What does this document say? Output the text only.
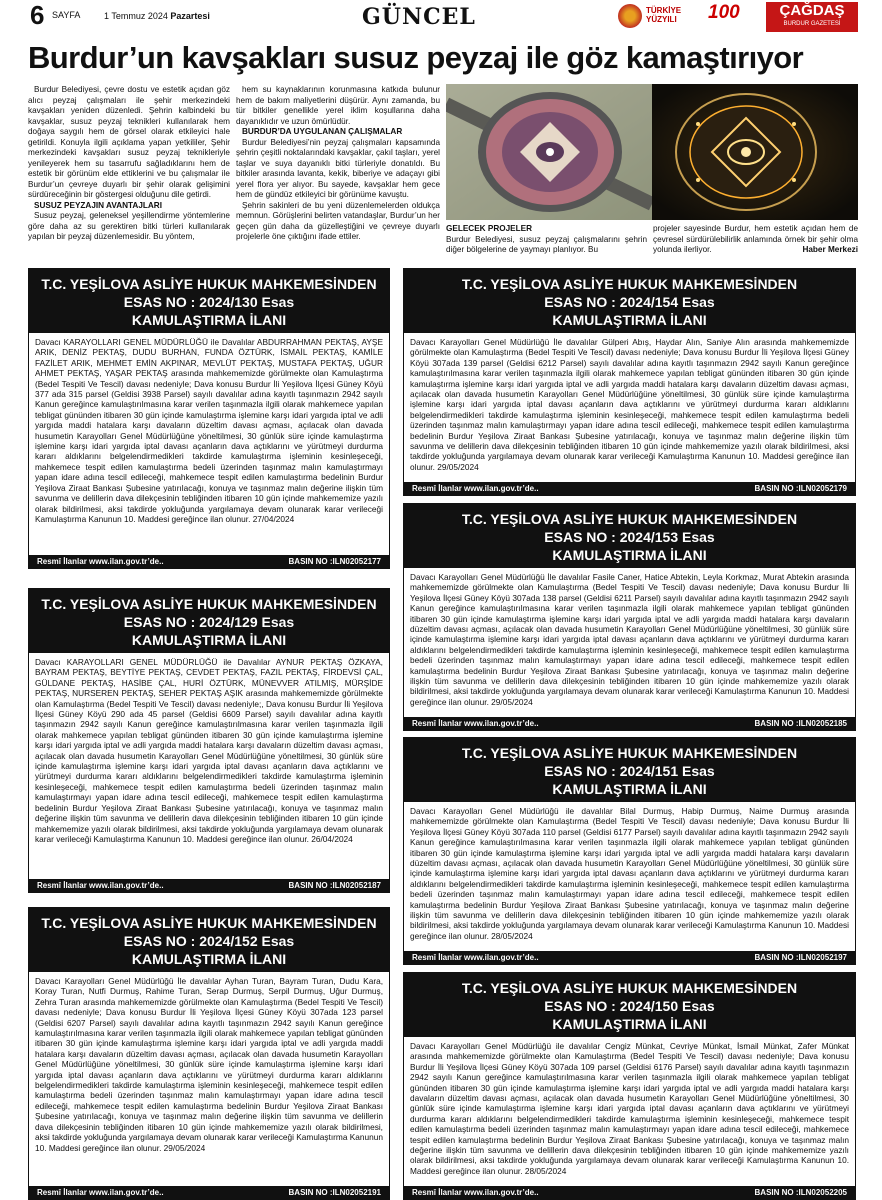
6 SAYFA	1 Temmuz 2024 Pazartesi	GÜNCEL	TÜRKİYE YÜZYILI	100	ÇAĞDAŞ
BURDUR GAZETESİ
Burdur’un kavşakları susuz peyzaj ile göz kamaştırıyor

Burdur Belediyesi, çevre dostu ve estetik açıdan göz alıcı peyzaj çalışmaları ile şehir merkezindeki kavşakları yeniden düzenledi. Şehrin kalbindeki bu kavşaklar, susuz peyzaj teknikleri kullanılarak hem doğaya saygılı hem de görsel olarak etkileyici hale getirildi. Konuyla ilgili açıklama yapan yetkililer, Şehir merkezindeki kavşakları susuz peyzaj teknikleriyle yenileyerek hem su tasarrufu sağladıklarını hem de estetik bir görünüm elde ettiklerini ve bu çalışmalar ile Burdur’un çevreye duyarlı bir şehir olarak gelişimini sürdüreceğinin bir göstergesi olduğunu dile getirdi.

SUSUZ PEYZAJIN AVANTAJLARI

Susuz peyzaj, geleneksel yeşillendirme yöntemlerine göre daha az su gerektiren bitki türleri kullanılarak yapılan bir peyzaj düzenlemesidir. Bu yöntem,

hem su kaynaklarının korunmasına katkıda bulunur hem de bakım maliyetlerini düşürür. Aynı zamanda, bu tür bitkiler genellikle yerel iklim koşullarına daha dayanıklıdır ve uzun ömürlüdür.

BURDUR’DA UYGULANAN ÇALIŞMALAR

Burdur Belediyesi’nin peyzaj çalışmaları kapsamında şehrin çeşitli noktalarındaki kavşaklar, çakıl taşları, yerel taşlar ve suya dayanıklı bitki türleriyle donatıldı. Bu bitkiler arasında lavanta, kekik, biberiye ve adaçayı gibi yerel flora yer alıyor. Bu sayede, kavşaklar hem gece hem de gündüz etkileyici bir görünüme kavuştu.

Şehrin sakinleri de bu yeni düzenlemelerden oldukça memnun. Görüşlerini belirten vatandaşlar, Burdur’un her geçen gün daha da güzelleştiğini ve çevreye duyarlı projelerle öne çıktığını ifade ettiler.

GELECEK PROJELER

Burdur Belediyesi, susuz peyzaj çalışmalarını şehrin diğer bölgelerine de yaymayı planlıyor. Bu

projeler sayesinde Burdur, hem estetik açıdan hem de çevresel sürdürülebilirlik anlamında örnek bir şehir olma yolunda ilerliyor.	Haber Merkezi
T.C. YEŞİLOVA ASLİYE HUKUK MAHKEMESİNDEN
ESAS NO : 2024/130 Esas
KAMULAŞTIRMA İLANI
Davacı KARAYOLLARI GENEL MÜDÜRLÜĞÜ ile Davalılar ABDURRAHMAN PEKTAŞ, AYŞE ARIK, DENİZ PEKTAŞ, DUDU BURHAN, FUNDA ÖZTÜRK, İSMAİL PEKTAŞ, KAMİLE FAZİLET ARIK, MEHMET EMİN AKPINAR, MEVLÜT PEKTAŞ, MUSTAFA PEKTAŞ, UĞUR AHMET PEKTAŞ, YAŞAR PEKTAŞ arasında mahkememizde görülmekte olan Kamulaştırma (Bedel Tespiti Ve Tescil) davası nedeniyle; Dava konusu Burdur İli Yeşilova İlçesi Güney Köyü 377 ada 315 parsel (Geldisi 3938 Parsel) sayılı davalılar adına kayıtlı taşınmazın 2942 sayılı Kanun gereğince kamulaştırılmasına karar verilen taşınmazla ilgili olarak mahkemece yapılan tebligat gününden itibaren 30 gün içinde kamulaştırma işlemine karşı idari yargıda iptal ve adli yargıda maddi hatalara karşı davaların düzeltim davası açması, açılacak olan davada husumetin Karayolları Genel Müdürlüğüne yöneltilmesi, 30 günlük süre içinde kamulaştırma işlemine karşı idari yargıda iptal davası açanların dava açtıklarını ve yürütmeyi durdurma kararı aldıklarını belgelendirmedikleri takdirde kamulaştırma işleminin kesinleşeceği, mahkemece tespit edilen kamulaştırma bedeli üzerinden taşınmaz malın kamulaştırmayı yapan idare adına tescil edileceği, mahkemece tespit edilen kamulaştırma bedelinin Burdur Yeşilova Ziraat Bankası Şubesine yatırılacağı, konuya ve taşınmaz malın değerine ilişkin tüm savunma ve delillerin dava dilekçesinin tebliğinden itibaren 10 gün içinde mahkememize yazılı olarak bildirilmesi, aksi takdirde yokluğunda yargılamaya devam olunarak karar verileceği Kamulaştırma Kanunun 10. Maddesi gereğince ilan olunur. 27/04/2024
Resmî İlanlar www.ilan.gov.tr’de..	BASIN NO :ILN02052177
T.C. YEŞİLOVA ASLİYE HUKUK MAHKEMESİNDEN
ESAS NO : 2024/129 Esas
KAMULAŞTIRMA İLANI
Davacı KARAYOLLARI GENEL MÜDÜRLÜĞÜ ile Davalılar AYNUR PEKTAŞ ÖZKAYA, BAYRAM PEKTAŞ, BEYTİYE PEKTAŞ, CEVDET PEKTAŞ, FAZIL PEKTAŞ, FİRDEVSİ ÇAL, GÜLDANE PEKTAŞ, HASİBE ÇAL, HURİ ÖZTÜRK, MÜNEVVER ATILMIŞ, MÜRŞİDE PEKTAŞ, NURSEREN PEKTAŞ, SEHER PEKTAŞ AŞIK arasında mahkememizde görülmekte olan Kamulaştırma (Bedel Tespiti Ve Tescil) davası nedeniyle;, Dava konusu Burdur İli Yeşilova İlçesi Güney Köyü 290 ada 45 parsel (Geldisi 6609 Parsel) sayılı davalılar adına kayıtlı taşınmazın 2942 sayılı Kanun gereğince kamulaştırılmasına karar verilen taşınmazla ilgili olarak mahkemece yapılan tebligat gününden itibaren 30 gün içinde kamulaştırma işlemine karşı idari yargıda iptal ve adli yargıda maddi hatalara karşı davaların düzeltim davası açması, açılacak olan davada husumetin Karayolları Genel Müdürlüğüne yöneltilmesi, 30 günlük süre içinde kamulaştırma işlemine karşı idari yargıda iptal davası açanların dava açtıklarını ve yürütmeyi durdurma kararı aldıklarını belgelendirmedikleri takdirde kamulaştırma işleminin kesinleşeceği, mahkemece tespit edilen kamulaştırma bedeli üzerinden taşınmaz malın kamulaştırmayı yapan idare adına tescil edileceği, mahkemece tespit edilen kamulaştırma bedelinin Burdur Yeşilova Ziraat Bankası Şubesine yatırılacağı, konuya ve taşınmaz malın değerine ilişkin tüm savunma ve delillerin dava dilekçesinin tebliğinden itibaren 10 gün içinde mahkememize yazılı olarak bildirilmesi, aksi takdirde yokluğunda yargılamaya devam olunarak karar verileceği Kamulaştırma Kanunun 10. Maddesi gereğince ilan olunur. 26/04/2024
Resmî İlanlar www.ilan.gov.tr’de..	BASIN NO :ILN02052187
T.C. YEŞİLOVA ASLİYE HUKUK MAHKEMESİNDEN
ESAS NO : 2024/152 Esas
KAMULAŞTIRMA İLANI
Davacı Karayolları Genel Müdürlüğü İle davalılar Ayhan Turan, Bayram Turan, Dudu Kara, Koray Turan, Nutfi Durmuş, Rahime Turan, Serap Durmuş, Serpil Durmuş, Uğur Durmuş, Zehra Turan arasında mahkememizde görülmekte olan Kamulaştırma (Bedel Tespiti Ve Tescil) davası nedeniyle; Dava konusu Burdur İli Yeşilova İlçesi Güney Köyü 307ada 123 parsel (Geldisi 6207 Parsel) sayılı davalılar adına kayıtlı taşınmazın 2942 sayılı Kanun gereğince kamulaştırılmasına karar verilen taşınmazla ilgili olarak mahkemece yapılan tebligat gününden itibaren 30 gün içinde kamulaştırma işlemine karşı idari yargıda iptal ve adli yargıda maddi hatalara karşı davaların düzeltim davası açması, açılacak olan davada husumetin Karayolları Genel Müdürlüğüne yöneltilmesi, 30 günlük süre içinde kamulaştırma işlemine karşı idari yargıda iptal davası açanların dava açtıklarını ve yürütmeyi durdurma kararı aldıklarını belgelendirmedikleri takdirde kamulaştırma işleminin kesinleşeceği, mahkemece tespit edilen kamulaştırma bedeli üzerinden taşınmaz malın kamulaştırmayı yapan idare adına tescil edileceği, mahkemece tespit edilen kamulaştırma bedelinin Burdur Yeşilova Ziraat Bankası Şubesine yatırılacağı, konuya ve taşınmaz malın değerine ilişkin tüm savunma ve delillerin dava dilekçesinin tebliğinden itibaren 10 gün içinde mahkememize yazılı olarak bildirilmesi, aksi takdirde yokluğunda yargılamaya devam olunarak karar verileceği Kamulaştırma Kanunun 10. Maddesi gereğince ilan olunur. 29/05/2024
Resmî İlanlar www.ilan.gov.tr’de..	BASIN NO :ILN02052191
T.C. YEŞİLOVA ASLİYE HUKUK MAHKEMESİNDEN
ESAS NO : 2024/154 Esas
KAMULAŞTIRMA İLANI
Davacı Karayolları Genel Müdürlüğü İle davalılar Gülperi Abış, Haydar Alın, Saniye Alın arasında mahkememizde görülmekte olan Kamulaştırma (Bedel Tespiti Ve Tescil) davası nedeniyle; Dava konusu Burdur İli Yeşilova İlçesi Güney Köyü 307ada 139 parsel (Geldisi 6212 Parsel) sayılı davalılar adına kayıtlı taşınmazın 2942 sayılı Kanun gereğince kamulaştırılmasına karar verilen taşınmazla ilgili olarak mahkemece yapılan tebligat gününden itibaren 30 gün içinde kamulaştırma işlemine karşı idari yargıda iptal ve adli yargıda maddi hatalara karşı davaların düzeltim davası açması, açılacak olan davada husumetin Karayolları Genel Müdürlüğüne yöneltilmesi, 30 günlük süre içinde kamulaştırma işlemine karşı idari yargıda iptal davası açanların dava açtıklarını ve yürütmeyi durdurma kararı aldıklarını belgelendirmedikleri takdirde kamulaştırma işleminin kesinleşeceği, mahkemece tespit edilen kamulaştırma bedeli üzerinden taşınmaz malın kamulaştırmayı yapan idare adına tescil edileceği, mahkemece tespit edilen kamulaştırma bedelinin Burdur Yeşilova Ziraat Bankası Şubesine yatırılacağı, konuya ve taşınmaz malın değerine ilişkin tüm savunma ve delillerin dava dilekçesinin tebliğinden itibaren 10 gün içinde mahkememize yazılı olarak bildirilmesi, aksi takdirde yokluğunda yargılamaya devam olunarak karar verileceği Kamulaştırma Kanunun 10. Maddesi gereğince ilan olunur. 29/05/2024
Resmî İlanlar www.ilan.gov.tr’de..	BASIN NO :ILN02052179
T.C. YEŞİLOVA ASLİYE HUKUK MAHKEMESİNDEN
ESAS NO : 2024/153 Esas
KAMULAŞTIRMA İLANI
Davacı Karayolları Genel Müdürlüğü İle davalılar Fasile Caner, Hatice Abtekin, Leyla Korkmaz, Murat Abtekin arasında mahkememizde görülmekte olan Kamulaştırma (Bedel Tespiti Ve Tescil) davası nedeniyle; Dava konusu Burdur İli Yeşilova İlçesi Güney Köyü 307ada 138 parsel (Geldisi 6211 Parsel) sayılı davalılar adına kayıtlı taşınmazın 2942 sayılı Kanun gereğince kamulaştırılmasına karar verilen taşınmazla ilgili olarak mahkemece yapılan tebligat gününden itibaren 30 gün içinde kamulaştırma işlemine karşı idari yargıda iptal ve adli yargıda maddi hatalara karşı davaların düzeltim davası açması, açılacak olan davada husumetin Karayolları Genel Müdürlüğüne yöneltilmesi, 30 günlük süre içinde kamulaştırma işlemine karşı idari yargıda iptal davası açanların dava açtıklarını ve yürütmeyi durdurma kararı aldıklarını belgelendirmedikleri takdirde kamulaştırma işleminin kesinleşeceği, mahkemece tespit edilen kamulaştırma bedeli üzerinden taşınmaz malın kamulaştırmayı yapan idare adına tescil edileceği, mahkemece tespit edilen kamulaştırma bedelinin Burdur Yeşilova Ziraat Bankası Şubesine yatırılacağı, konuya ve taşınmaz malın değerine ilişkin tüm savunma ve delillerin dava dilekçesinin tebliğinden itibaren 10 gün içinde mahkememize yazılı olarak bildirilmesi, aksi takdirde yokluğunda yargılamaya devam olunarak karar verileceği Kamulaştırma Kanunun 10. Maddesi gereğince ilan olunur. 29/05/2024
Resmî İlanlar www.ilan.gov.tr’de..	BASIN NO :ILN02052185
T.C. YEŞİLOVA ASLİYE HUKUK MAHKEMESİNDEN
ESAS NO : 2024/151 Esas
KAMULAŞTIRMA İLANI
Davacı Karayolları Genel Müdürlüğü ile davalılar Bilal Durmuş, Habip Durmuş, Naime Durmuş arasında mahkememizde görülmekte olan Kamulaştırma (Bedel Tespiti Ve Tescil) davası nedeniyle; Dava konusu Burdur İli Yeşilova İlçesi Güney Köyü 307ada 110 parsel (Geldisi 6177 Parsel) sayılı davalılar adına kayıtlı taşınmazın 2942 sayılı Kanun gereğince kamulaştırılmasına karar verilen taşınmazla ilgili olarak mahkemece yapılan tebligat gününden itibaren 30 gün içinde kamulaştırma işlemine karşı idari yargıda iptal ve adli yargıda maddi hatalara karşı davaların düzeltim davası açması, açılacak olan davada husumetin Karayolları Genel Müdürlüğüne yöneltilmesi, 30 günlük süre içinde kamulaştırma işlemine karşı idari yargıda iptal davası açanların dava açtıklarını ve yürütmeyi durdurma kararı aldıklarını belgelendirmedikleri takdirde kamulaştırma işleminin kesinleşeceği, mahkemece tespit edilen kamulaştırma bedeli üzerinden taşınmaz malın kamulaştırmayı yapan idare adına tescil edileceği, mahkemece tespit edilen kamulaştırma bedelinin Burdur Yeşilova Ziraat Bankası Şubesine yatırılacağı, konuya ve taşınmaz malın değerine ilişkin tüm savunma ve delillerin dava dilekçesinin tebliğinden itibaren 10 gün içinde mahkememize yazılı olarak bildirilmesi, aksi takdirde yokluğunda yargılamaya devam olunarak karar verileceği Kamulaştırma Kanunun 10. Maddesi gereğince ilan olunur. 28/05/2024
Resmî İlanlar www.ilan.gov.tr’de..	BASIN NO :ILN02052197
T.C. YEŞİLOVA ASLİYE HUKUK MAHKEMESİNDEN
ESAS NO : 2024/150 Esas
KAMULAŞTIRMA İLANI
Davacı Karayolları Genel Müdürlüğü ile davalılar Cengiz Münkat, Cevriye Münkat, İsmail Münkat, Zafer Münkat arasında mahkememizde görülmekte olan Kamulaştırma (Bedel Tespiti Ve Tescil) davası nedeniyle; Dava konusu Burdur İli Yeşilova İlçesi Güney Köyü 307ada 109 parsel (Geldisi 6176 Parsel) sayılı davalılar adına kayıtlı taşınmazın 2942 sayılı Kanun gereğince kamulaştırılmasına karar verilen taşınmazla ilgili olarak mahkemece yapılan tebligat gününden itibaren 30 gün içinde kamulaştırma işlemine karşı idari yargıda iptal ve adli yargıda maddi hatalara karşı davaların düzeltim davası açması, açılacak olan davada husumetin Karayolları Genel Müdürlüğüne yöneltilmesi, 30 günlük süre içinde kamulaştırma işlemine karşı idari yargıda iptal davası açanların dava açtıklarını ve yürütmeyi durdurma kararı aldıklarını belgelendirmedikleri takdirde kamulaştırma işleminin kesinleşeceği, mahkemece tespit edilen kamulaştırma bedeli üzerinden taşınmaz malın kamulaştırmayı yapan idare adına tescil edileceği, mahkemece tespit edilen kamulaştırma bedelinin Burdur Yeşilova Ziraat Bankası Şubesine yatırılacağı, konuya ve taşınmaz malın değerine ilişkin tüm savunma ve delillerin dava dilekçesinin tebliğinden itibaren 10 gün içinde mahkememize yazılı olarak bildirilmesi, aksi takdirde yokluğunda yargılamaya devam olunarak karar verileceği Kamulaştırma Kanunun 10. Maddesi gereğince ilan olunur. 28/05/2024
Resmî İlanlar www.ilan.gov.tr’de..	BASIN NO :ILN02052205
